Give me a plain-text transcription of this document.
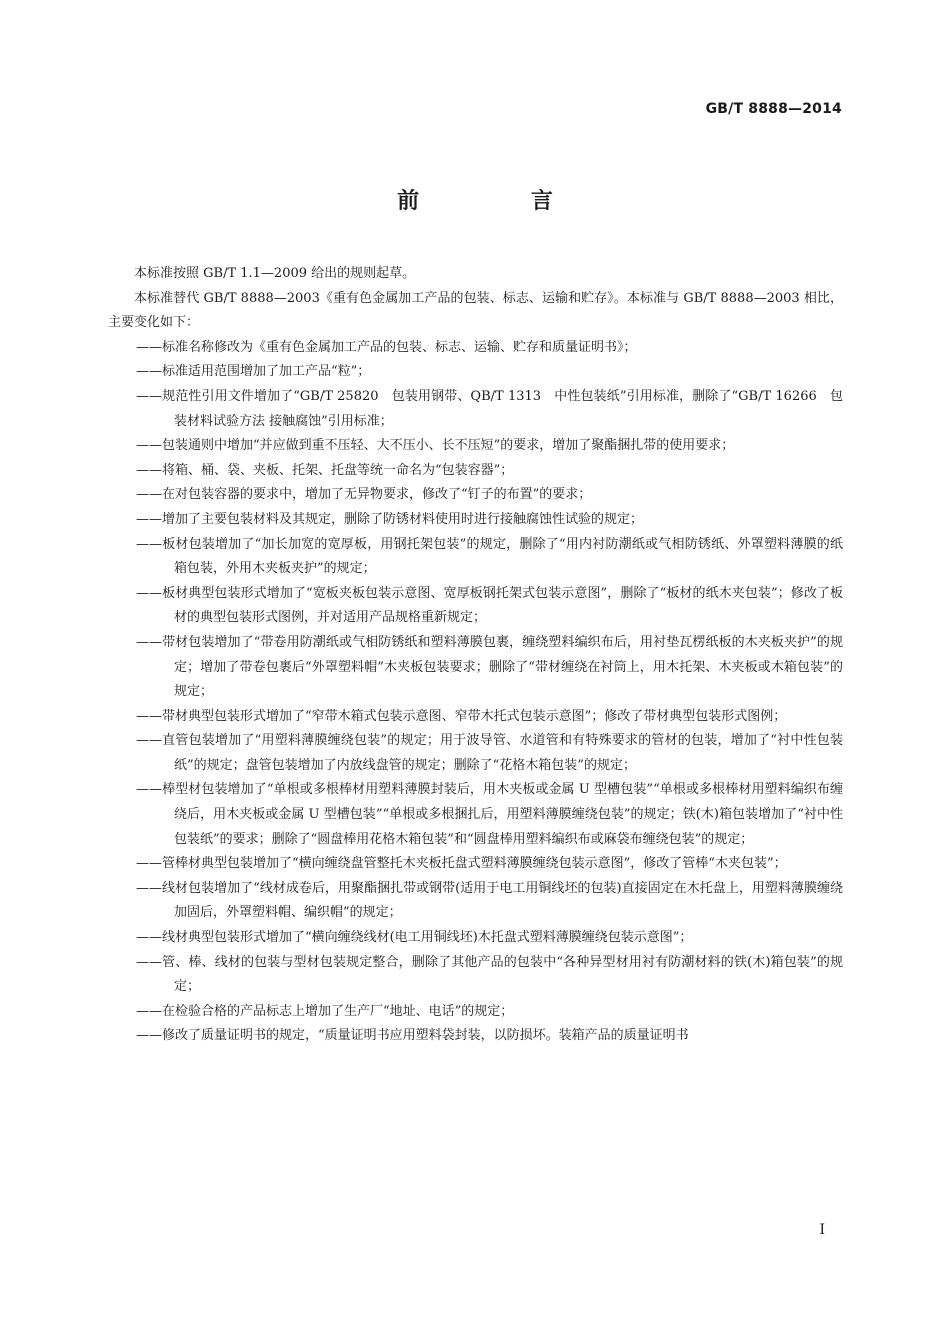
GB/T 8888—2014
前 言

本标准按照 GB/T 1.1—2009 给出的规则起草。

本标准替代 GB/T 8888—2003《重有色金属加工产品的包装、标志、运输和贮存》。本标准与 GB/T 8888—2003 相比，主要变化如下：

——标准名称修改为《重有色金属加工产品的包装、标志、运输、贮存和质量证明书》；

——标准适用范围增加了加工产品“粒”；

——规范性引用文件增加了“GB/T 25820　包装用钢带、QB/T 1313　中性包装纸”引用标准，删除了“GB/T 16266　包装材料试验方法 接触腐蚀”引用标准；

——包装通则中增加“并应做到重不压轻、大不压小、长不压短”的要求，增加了聚酯捆扎带的使用要求；

——将箱、桶、袋、夹板、托架、托盘等统一命名为“包装容器”；

——在对包装容器的要求中，增加了无异物要求，修改了“钉子的布置”的要求；

——增加了主要包装材料及其规定，删除了防锈材料使用时进行接触腐蚀性试验的规定；

——板材包装增加了“加长加宽的宽厚板，用钢托架包装”的规定，删除了“用内衬防潮纸或气相防锈纸、外罩塑料薄膜的纸箱包装，外用木夹板夹护”的规定；

——板材典型包装形式增加了“宽板夹板包装示意图、宽厚板钢托架式包装示意图”，删除了“板材的纸木夹包装”；修改了板材的典型包装形式图例，并对适用产品规格重新规定；

——带材包装增加了“带卷用防潮纸或气相防锈纸和塑料薄膜包裹，缠绕塑料编织布后，用衬垫瓦楞纸板的木夹板夹护”的规定；增加了带卷包裹后“外罩塑料帽”木夹板包装要求；删除了“带材缠绕在衬筒上，用木托架、木夹板或木箱包装”的规定；

——带材典型包装形式增加了“窄带木箱式包装示意图、窄带木托式包装示意图”；修改了带材典型包装形式图例；

——直管包装增加了“用塑料薄膜缠绕包装”的规定；用于波导管、水道管和有特殊要求的管材的包装，增加了“衬中性包装纸”的规定；盘管包装增加了内放线盘管的规定；删除了“花格木箱包装”的规定；

——棒型材包装增加了“单根或多根棒材用塑料薄膜封装后，用木夹板或金属 U 型槽包装”“单根或多根棒材用塑料编织布缠绕后，用木夹板或金属 U 型槽包装”“单根或多根捆扎后，用塑料薄膜缠绕包装”的规定；铁(木)箱包装增加了“衬中性包装纸”的要求；删除了“圆盘棒用花格木箱包装”和“圆盘棒用塑料编织布或麻袋布缠绕包装”的规定；

——管棒材典型包装增加了“横向缠绕盘管整托木夹板托盘式塑料薄膜缠绕包装示意图”，修改了管棒“木夹包装”；

——线材包装增加了“线材成卷后，用聚酯捆扎带或钢带(适用于电工用铜线坯的包装)直接固定在木托盘上，用塑料薄膜缠绕加固后，外罩塑料帽、编织帽”的规定；

——线材典型包装形式增加了“横向缠绕线材(电工用铜线坯)木托盘式塑料薄膜缠绕包装示意图”；

——管、棒、线材的包装与型材包装规定整合，删除了其他产品的包装中“各种异型材用衬有防潮材料的铁(木)箱包装”的规定；

——在检验合格的产品标志上增加了生产厂“地址、电话”的规定；

——修改了质量证明书的规定，“质量证明书应用塑料袋封装，以防损坏。装箱产品的质量证明书

I
